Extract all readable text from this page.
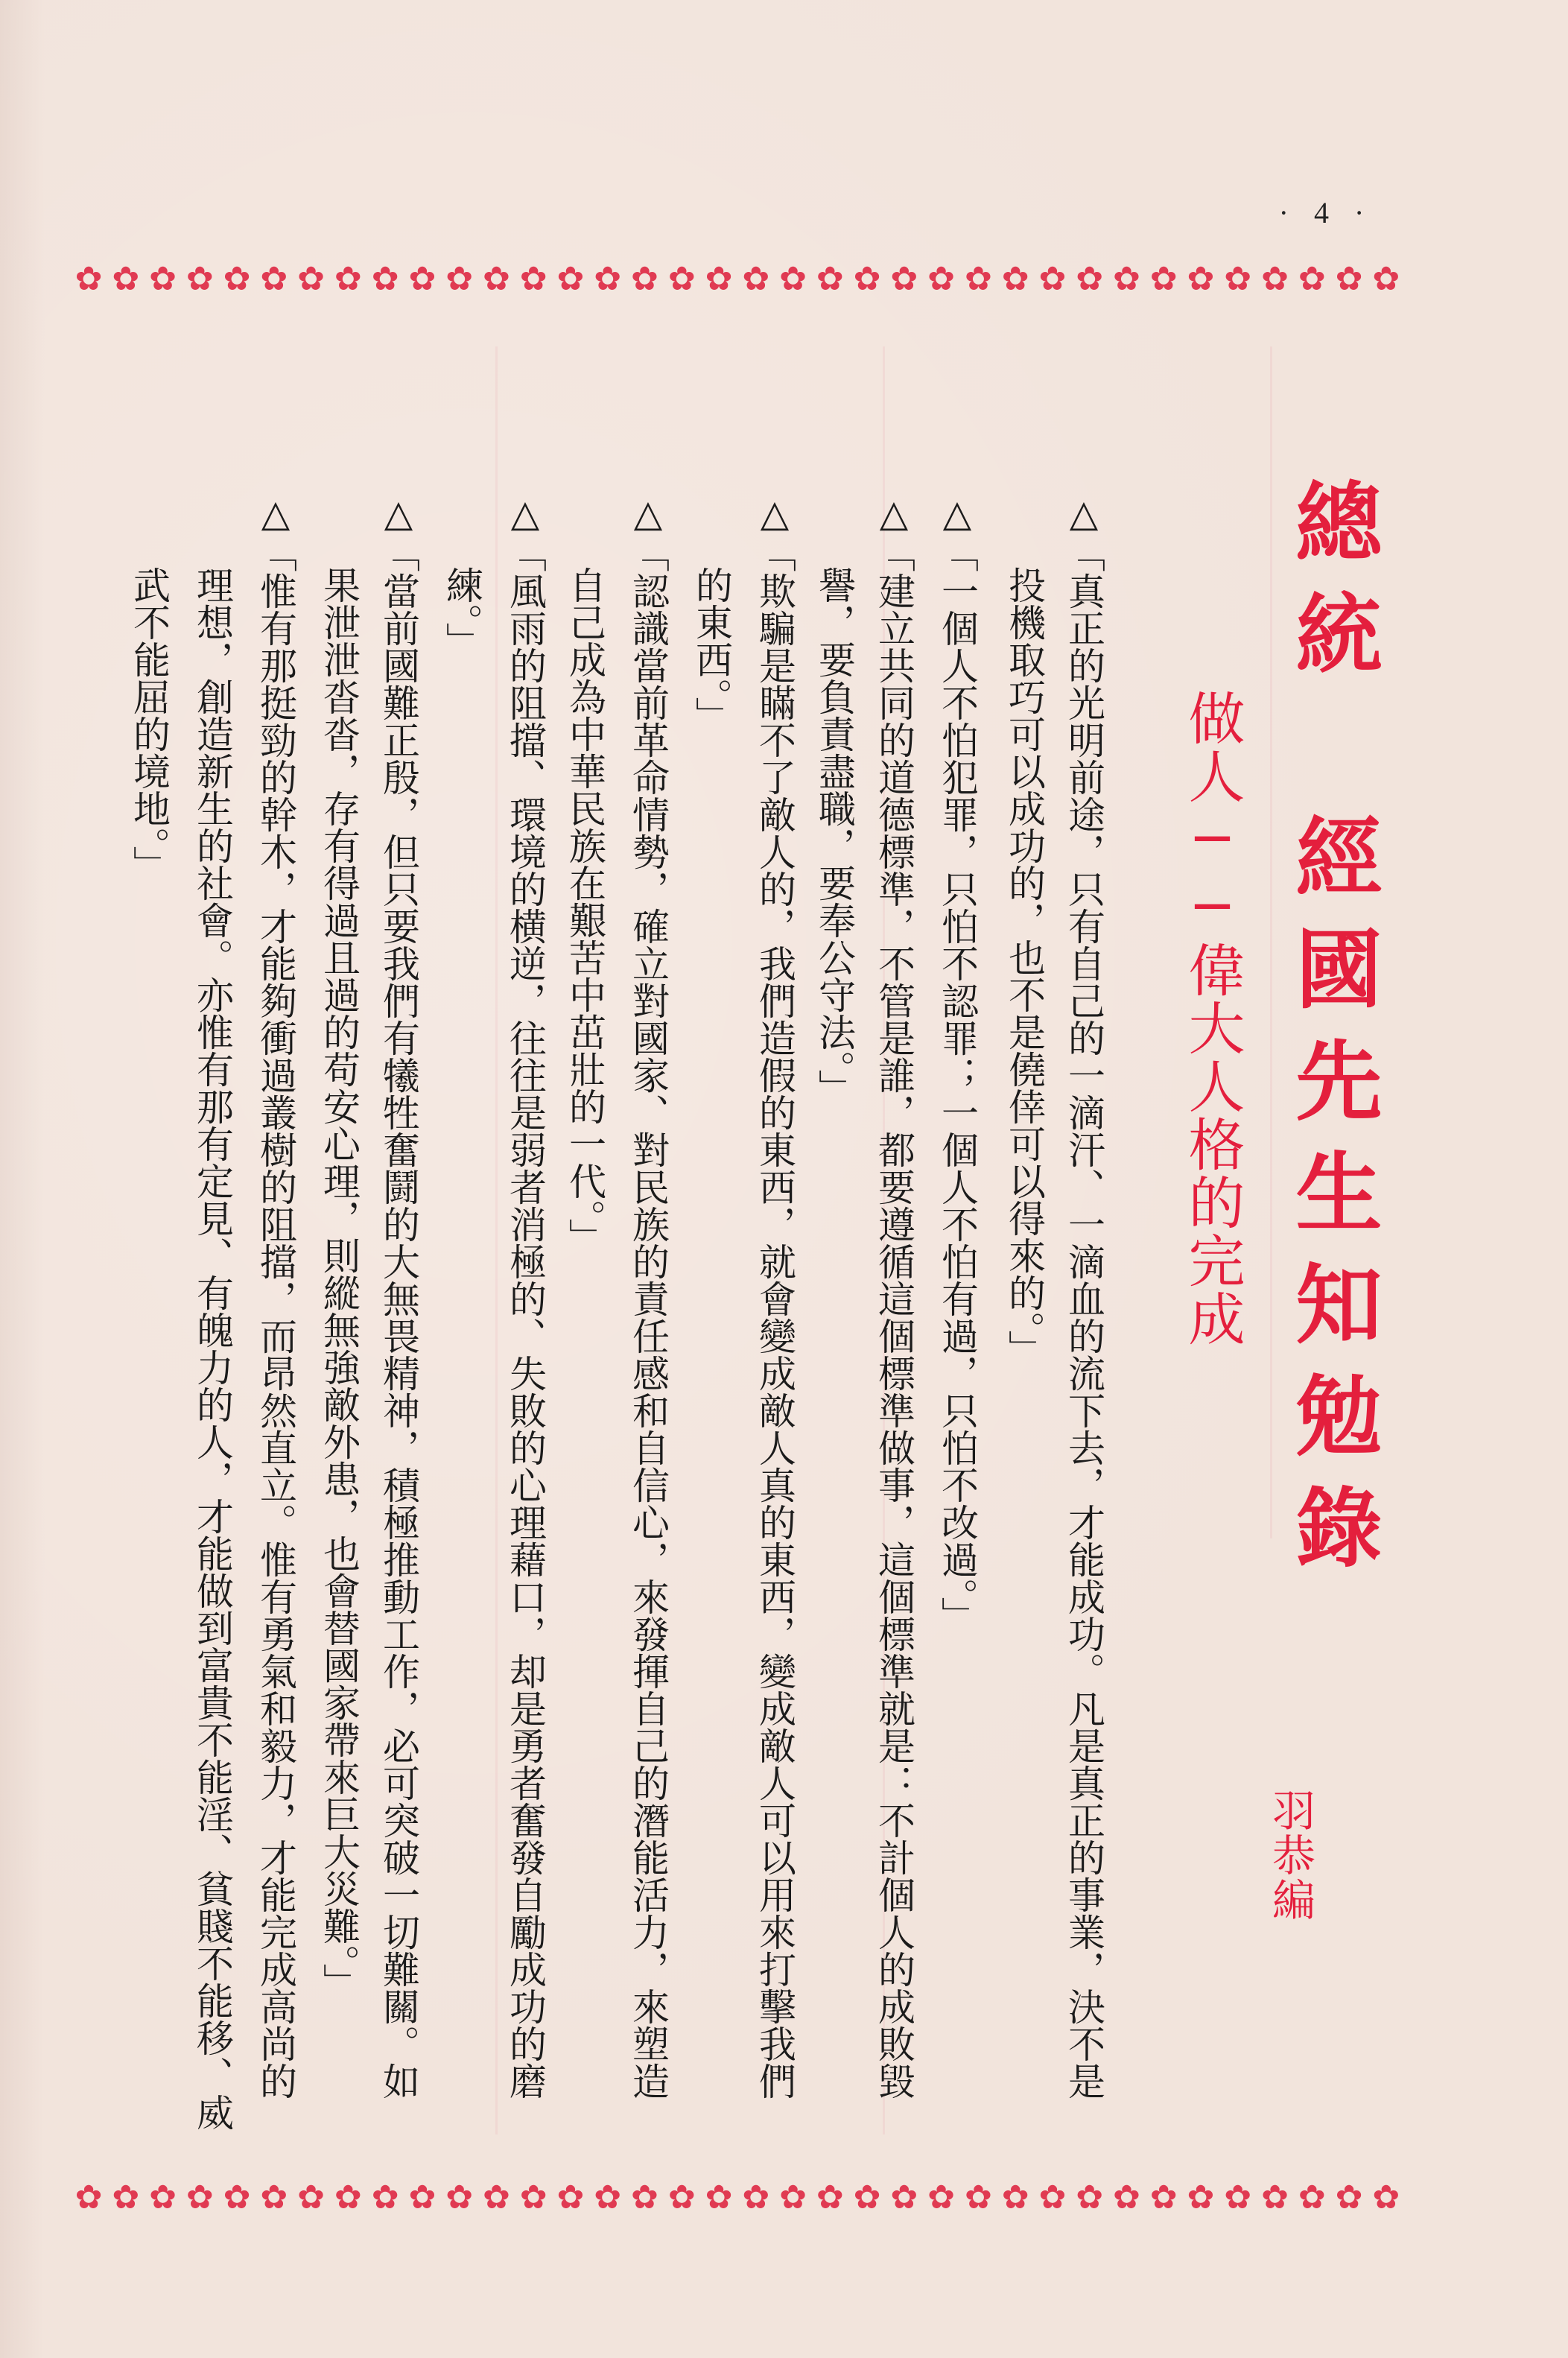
· 4 ·
✿ ✿ ✿ ✿ ✿ ✿ ✿ ✿ ✿ ✿ ✿ ✿ ✿ ✿ ✿ ✿ ✿ ✿ ✿ ✿ ✿ ✿ ✿ ✿ ✿ ✿ ✿ ✿ ✿ ✿ ✿ ✿ ✿ ✿ ✿ ✿
✿ ✿ ✿ ✿ ✿ ✿ ✿ ✿ ✿ ✿ ✿ ✿ ✿ ✿ ✿ ✿ ✿ ✿ ✿ ✿ ✿ ✿ ✿ ✿ ✿ ✿ ✿ ✿ ✿ ✿ ✿ ✿ ✿ ✿ ✿ ✿
總統　經國先生知勉錄
做人──偉大人格的完成
羽恭編
△「真正的光明前途，只有自己的一滴汗、一滴血的流下去，才能成功。凡是真正的事業，決不是
投機取巧可以成功的，也不是僥倖可以得來的。」
△「一個人不怕犯罪，只怕不認罪；一個人不怕有過，只怕不改過。」
△「建立共同的道德標準，不管是誰，都要遵循這個標準做事，這個標準就是：不計個人的成敗毀
譽，要負責盡職，要奉公守法。」
△「欺騙是瞞不了敵人的，我們造假的東西，就會變成敵人真的東西，變成敵人可以用來打擊我們
的東西。」
△「認識當前革命情勢，確立對國家、對民族的責任感和自信心，來發揮自己的潛能活力，來塑造
自己成為中華民族在艱苦中茁壯的一代。」
△「風雨的阻擋、環境的横逆，往往是弱者消極的、失敗的心理藉口，却是勇者奮發自勵成功的磨
練。」
△「當前國難正殷，但只要我們有犧牲奮鬪的大無畏精神，積極推動工作，必可突破一切難關。如
果泄泄沓沓，存有得過且過的苟安心理，則縱無強敵外患，也會替國家帶來巨大災難。」
△「惟有那挺勁的幹木，才能夠衝過叢樹的阻擋，而昂然直立。惟有勇氣和毅力，才能完成高尚的
理想，創造新生的社會。亦惟有那有定見、有魄力的人，才能做到富貴不能淫、貧賤不能移、威
武不能屈的境地。」
